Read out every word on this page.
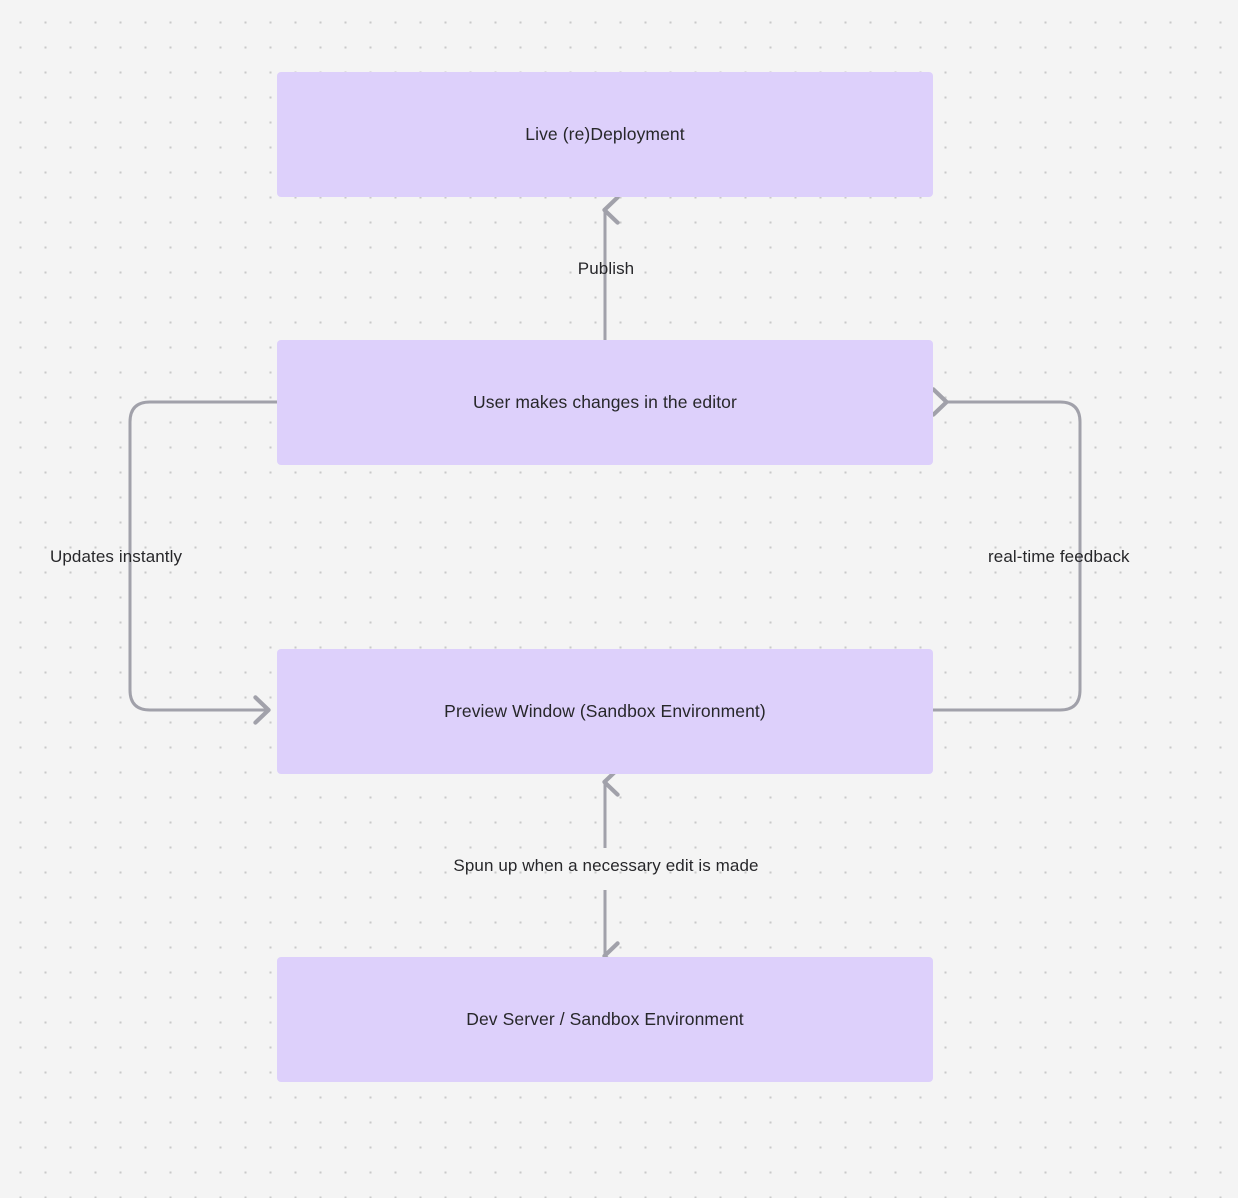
Live (re)Deployment
User makes changes in the editor
Preview Window (Sandbox Environment)
Dev Server / Sandbox Environment
Publish
Updates instantly	real-time feedback
Spun up when a necessary edit is made
